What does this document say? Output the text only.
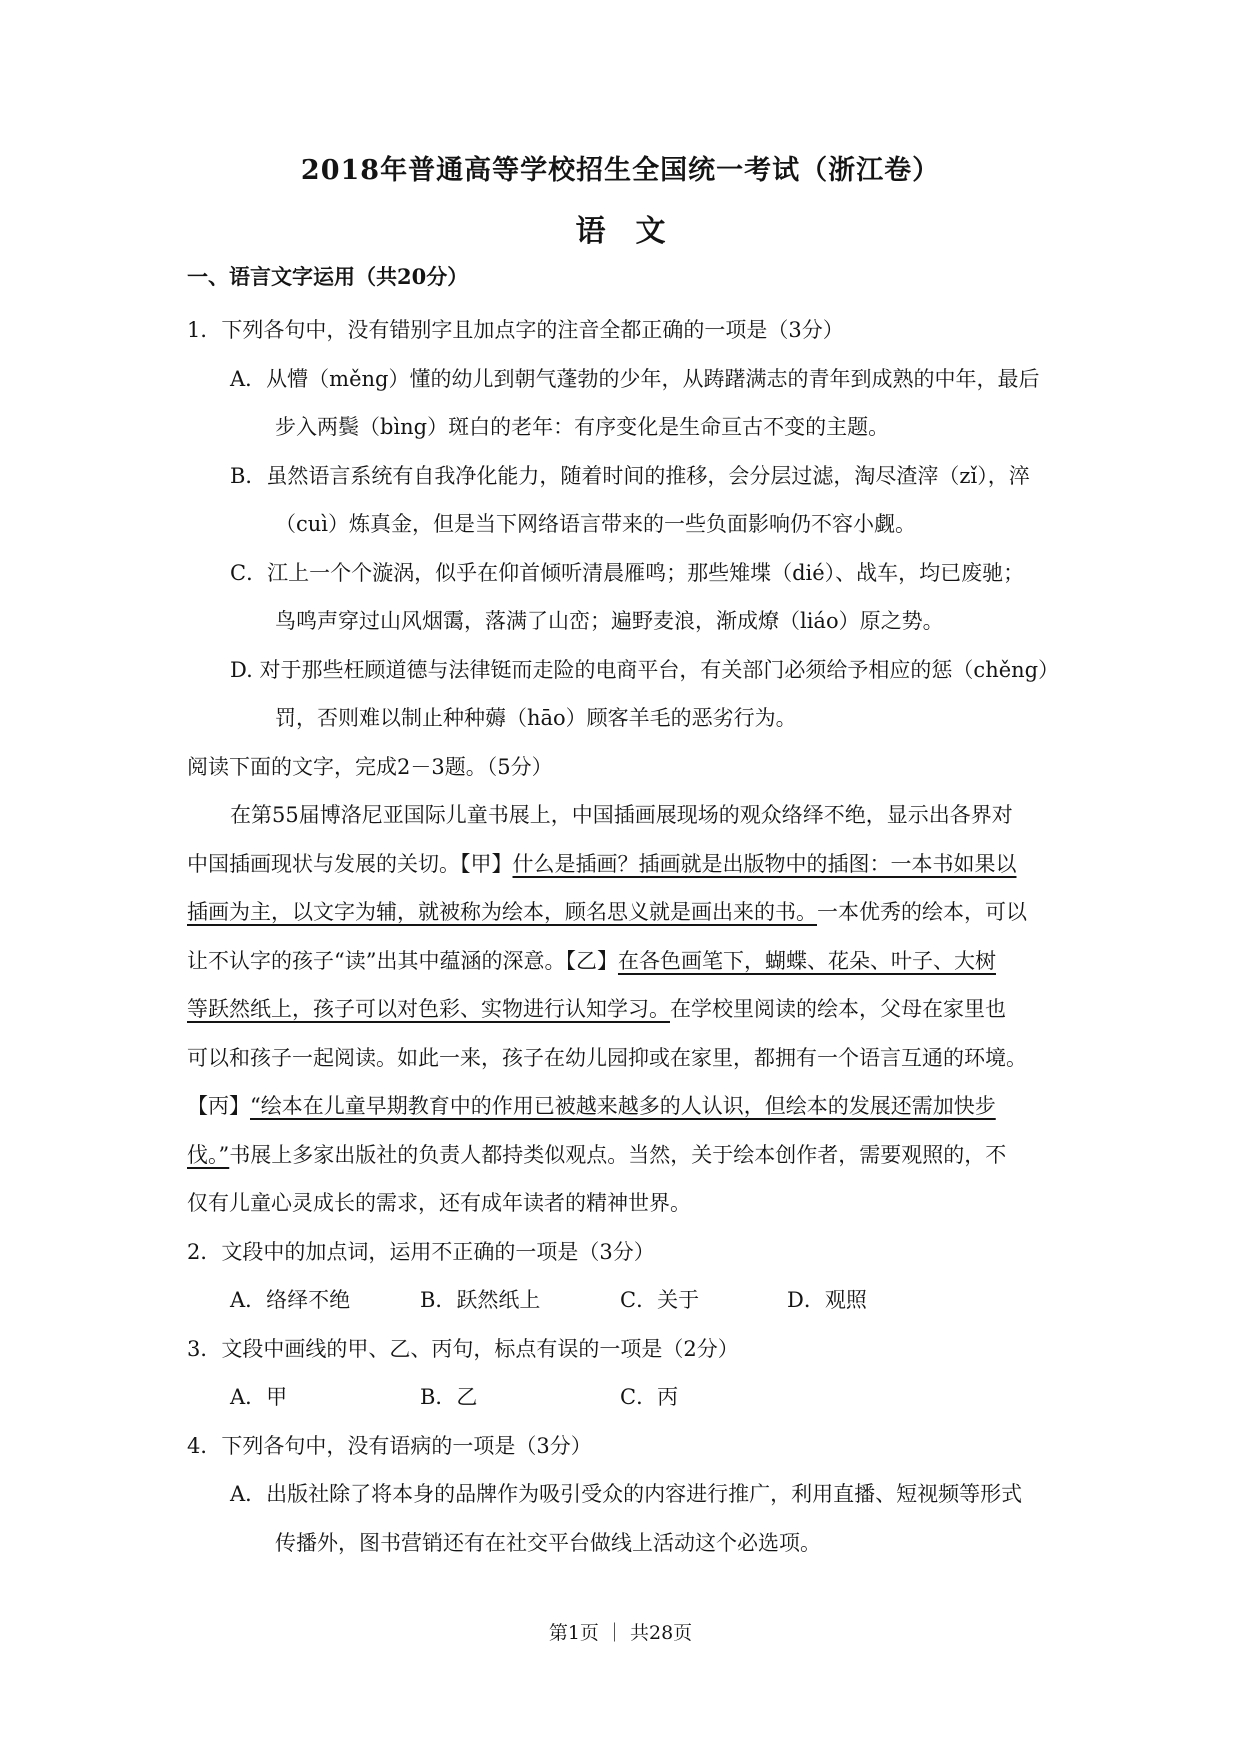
2018年普通高等学校招生全国统一考试（浙江卷）
语　文
一、语言文字运用（共20分）
1．下列各句中，没有错别字且加点字的注音全都正确的一项是（3分）
A．从懵（měng）懂的幼儿到朝气蓬勃的少年，从踌躇满志的青年到成熟的中年，最后
步入两鬓（bìng）斑白的老年：有序变化是生命亘古不变的主题。
B．虽然语言系统有自我净化能力，随着时间的推移，会分层过滤，淘尽渣滓（zǐ），淬
（cuì）炼真金，但是当下网络语言带来的一些负面影响仍不容小觑。
C．江上一个个漩涡，似乎在仰首倾听清晨雁鸣；那些雉堞（dié）、战车，均已废驰；
鸟鸣声穿过山风烟霭，落满了山峦；遍野麦浪，渐成燎（liáo）原之势。
D. 对于那些枉顾道德与法律铤而走险的电商平台，有关部门必须给予相应的惩（chěng）
罚，否则难以制止种种薅（hāo）顾客羊毛的恶劣行为。
阅读下面的文字，完成2－3题。（5分）
在第55届博洛尼亚国际儿童书展上，中国插画展现场的观众络绎不绝，显示出各界对
中国插画现状与发展的关切。【甲】什么是插画？插画就是出版物中的插图：一本书如果以
插画为主，以文字为辅，就被称为绘本，顾名思义就是画出来的书。一本优秀的绘本，可以
让不认字的孩子“读”出其中蕴涵的深意。【乙】在各色画笔下，蝴蝶、花朵、叶子、大树
等跃然纸上，孩子可以对色彩、实物进行认知学习。在学校里阅读的绘本，父母在家里也
可以和孩子一起阅读。如此一来，孩子在幼儿园抑或在家里，都拥有一个语言互通的环境。
【丙】“绘本在儿童早期教育中的作用已被越来越多的人认识，但绘本的发展还需加快步
伐。”书展上多家出版社的负责人都持类似观点。当然，关于绘本创作者，需要观照的，不
仅有儿童心灵成长的需求，还有成年读者的精神世界。
2．文段中的加点词，运用不正确的一项是（3分）
A．络绎不绝	B．跃然纸上	C．关于	D．观照
3．文段中画线的甲、乙、丙句，标点有误的一项是（2分）
A．甲	B．乙	C．丙
4．下列各句中，没有语病的一项是（3分）
A．出版社除了将本身的品牌作为吸引受众的内容进行推广，利用直播、短视频等形式
传播外，图书营销还有在社交平台做线上活动这个必选项。
第1页 ｜ 共28页
